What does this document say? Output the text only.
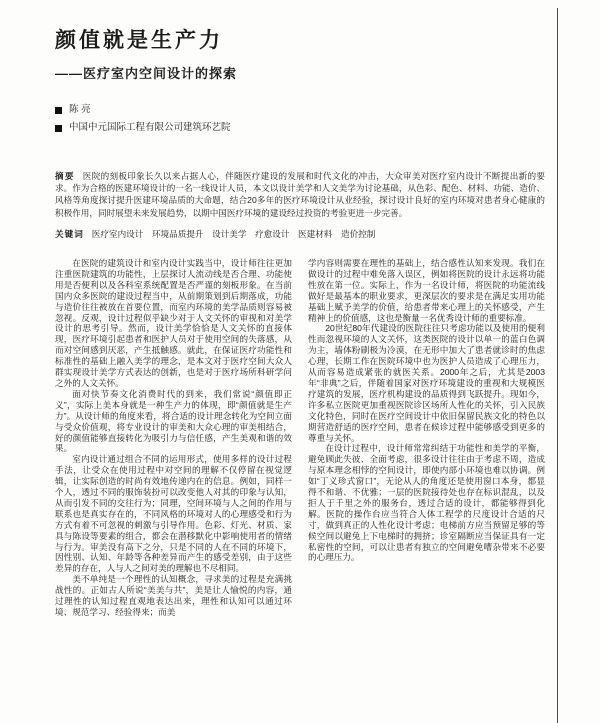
颜值就是生产力
——医疗室内空间设计的探索
陈 亮
中国中元国际工程有限公司建筑环艺院

摘要 医院的刻板印象长久以来占据人心，伴随医疗建设的发展和时代文化的冲击，大众审美对医疗室内设计不断提出新的要求。作为合格的医建环境设计的一名一线设计人员，本文以设计美学和人文美学为讨论基础，从色彩、配色、材料、功能、造价、风格等角度探讨提升医建环境品质的大命题，结合20多年的医疗环境设计从业经验，探讨设计良好的室内环境对患者身心健康的积极作用，同时展望未来发展趋势，以期中国医疗环境的建设经过投资的考验更进一步完善。

关键词 医疗室内设计　环境品质提升　设计美学　疗愈设计　医建材料　造价控制

在医院的建筑设计和室内设计实践当中，设计师往往更加注重医院建筑的功能性，上层探讨人流动线是否合理、功能使用是否便利以及各科室系统配置是否严谨的刻板形象。在当前国内众多医院的建设过程当中，从前期策划到后期落成，功能与造价往往被放在首要位置，而室内环境的美学品质则容易被忽视。反观，设计过程似乎缺少对于人文关怀的审视和对美学设计的思考引导。然而，设计美学恰恰是人文关怀的直接体现，医疗环境引起患者和医护人员对于使用空间的失落感，从而对空间感到厌恶，产生抵触感。就此，在保证医疗功能性和标准性的基础上融入美学的理念，是本文对于医疗空间大众人群实现设计美学方式表达的创新，也是对于医疗场所科研学问之外的人文关怀。

面对快节奏文化消费时代的到来，我们常说“颜值即正义”，实际上美本身就是一种生产力的体现，即“颜值就是生产力”。从设计师的角度来看，将合适的设计理念转化为空间立面与受众价值观，将专业设计的审美和大众心理的审美相结合，好的颜值能够直接转化为吸引力与信任感，产生美观和谐的效果。

室内设计通过组合不同的运用形式，使用多样的设计过程手法，让受众在使用过程中对空间的理解不仅停留在视觉逻辑，让实际创造的时尚有效地传递内在的信息。例如，同样一个人，透过不同的服饰装扮可以改变他人对其的印象与认知，从而引发不同的交往行为；同理，空间环境与人之间的作用与联系也是真实存在的，不同风格的环境对人的心理感受和行为方式有着不可忽视的刺激与引导作用。色彩、灯光、材质、家具与陈设等要素的组合，都会在潜移默化中影响使用者的情绪与行为。审美没有高下之分，只是不同的人在不同的环境下，因性别、认知、年龄等各种差异而产生的感受差别，由于这些差异的存在，人与人之间对美的理解也不尽相同。

美不单纯是一个理性的认知概念，寻求美的过程是充满挑战性的。正如古人所说“美美与共”，美是让人愉悦的内容，通过理性的认知过程直观地表达出来，理性和认知可以通过环境、规范学习、经验得来；而美

学内容则需要在理性的基础上，结合感性认知来发现。我们在做设计的过程中难免落入误区，例如将医院的设计永远将功能性放在第一位。实际上，作为一名设计师，将医院的功能流线做好是最基本的职业要求，更深层次的要求是在满足实用功能基础上赋予美学的价值，给患者带来心理上的关怀感受，产生精神上的价值感，这也是衡量一名优秀设计师的重要标准。

20世纪80年代建设的医院往往只考虑功能以及使用的便利性而忽视环境的人文关怀，这类医院的设计以单一的蓝白色调为主，墙体粉刷极为冷漠，在无形中加大了患者就诊时的焦虑心理，长期工作在医院环境中也为医护人员造成了心理压力，从而容易造成紧张的就医关系。2000年之后，尤其是2003年“非典”之后，伴随着国家对医疗环境建设的重视和大规模医疗建筑的发展，医疗机构建设的品质得到飞跃提升。现如今，许多私立医院更加重视医院诊区场所人性化的关怀，引入民族文化特色，同时在医疗空间设计中依旧保留民族文化的特色以期营造舒适的医疗空间，患者在候诊过程中能够感受到更多的尊重与关怀。

在设计过程中，设计师常常纠结于功能性和美学的平衡，避免顾此失彼、全面考虑，很多设计往往由于考虑不周，造成与原本理念相悖的空间设计，即使内部小环境也难以协调。例如“丁义珍式窗口”，无论从人的角度还是使用窗口本身，都显得不和谐、不优雅；一层的医院接待处也存在标识混乱，以及拒人于千里之外的服务台，透过合适的设计，都能够得到化解。医院的操作台应当符合人体工程学的尺度设计合适的尺寸，做到真正的人性化设计考虑；电梯前方应当预留足够的等候空间以避免上下电梯时的拥挤；诊室隔断应当保证具有一定私密性的空间，可以让患者有独立的空间避免嘈杂带来不必要的心理压力。
